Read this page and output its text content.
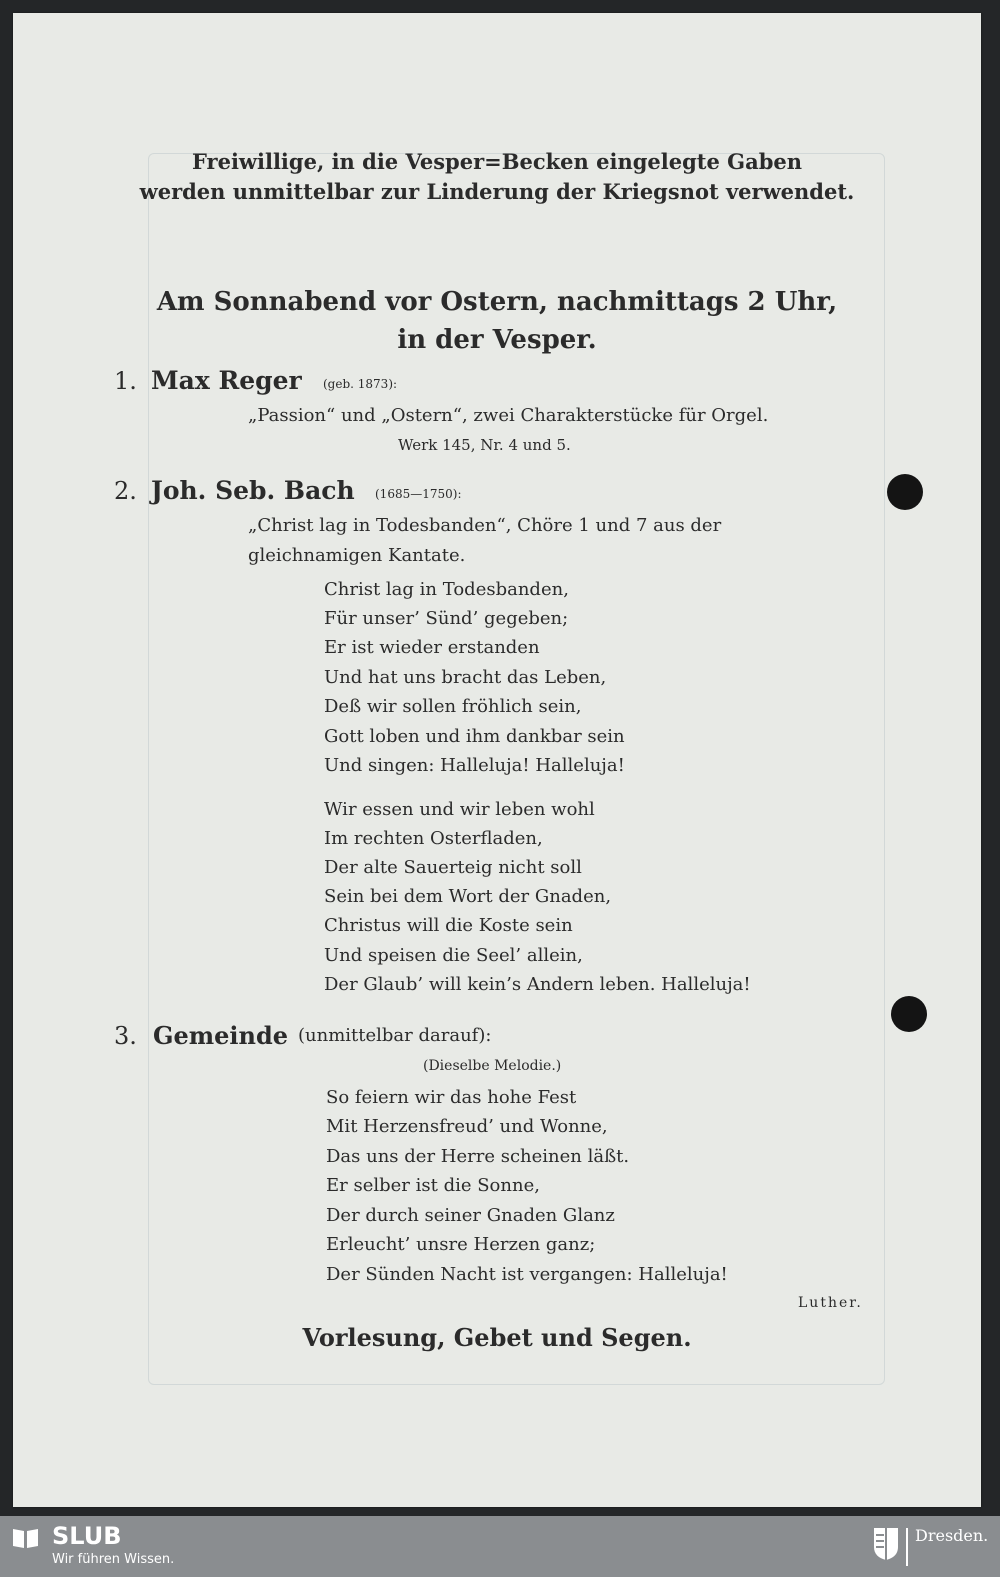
Freiwillige, in die Vesper=Becken eingelegte Gaben
werden unmittelbar zur Linderung der Kriegsnot verwendet.
Am Sonnabend vor Ostern, nachmittags 2 Uhr,
in der Vesper.
1. Max Reger (geb. 1873):
„Passion“ und „Ostern“, zwei Charakterstücke für Orgel.
Werk 145, Nr. 4 und 5.
2. Joh. Seb. Bach (1685—1750):
„Christ lag in Todesbanden“, Chöre 1 und 7 aus der
gleichnamigen Kantate.
Christ lag in Todesbanden,
Für unser’ Sünd’ gegeben;
Er ist wieder erstanden
Und hat uns bracht das Leben,
Deß wir sollen fröhlich sein,
Gott loben und ihm dankbar sein
Und singen: Halleluja! Halleluja!
Wir essen und wir leben wohl
Im rechten Osterfladen,
Der alte Sauerteig nicht soll
Sein bei dem Wort der Gnaden,
Christus will die Koste sein
Und speisen die Seel’ allein,
Der Glaub’ will kein’s Andern leben. Halleluja!
3. Gemeinde (unmittelbar darauf):
(Dieselbe Melodie.)
So feiern wir das hohe Fest
Mit Herzensfreud’ und Wonne,
Das uns der Herre scheinen läßt.
Er selber ist die Sonne,
Der durch seiner Gnaden Glanz
Erleucht’ unsre Herzen ganz;
Der Sünden Nacht ist vergangen: Halleluja!
Luther.
Vorlesung, Gebet und Segen.
SLUB
Wir führen Wissen.
Dresden.
